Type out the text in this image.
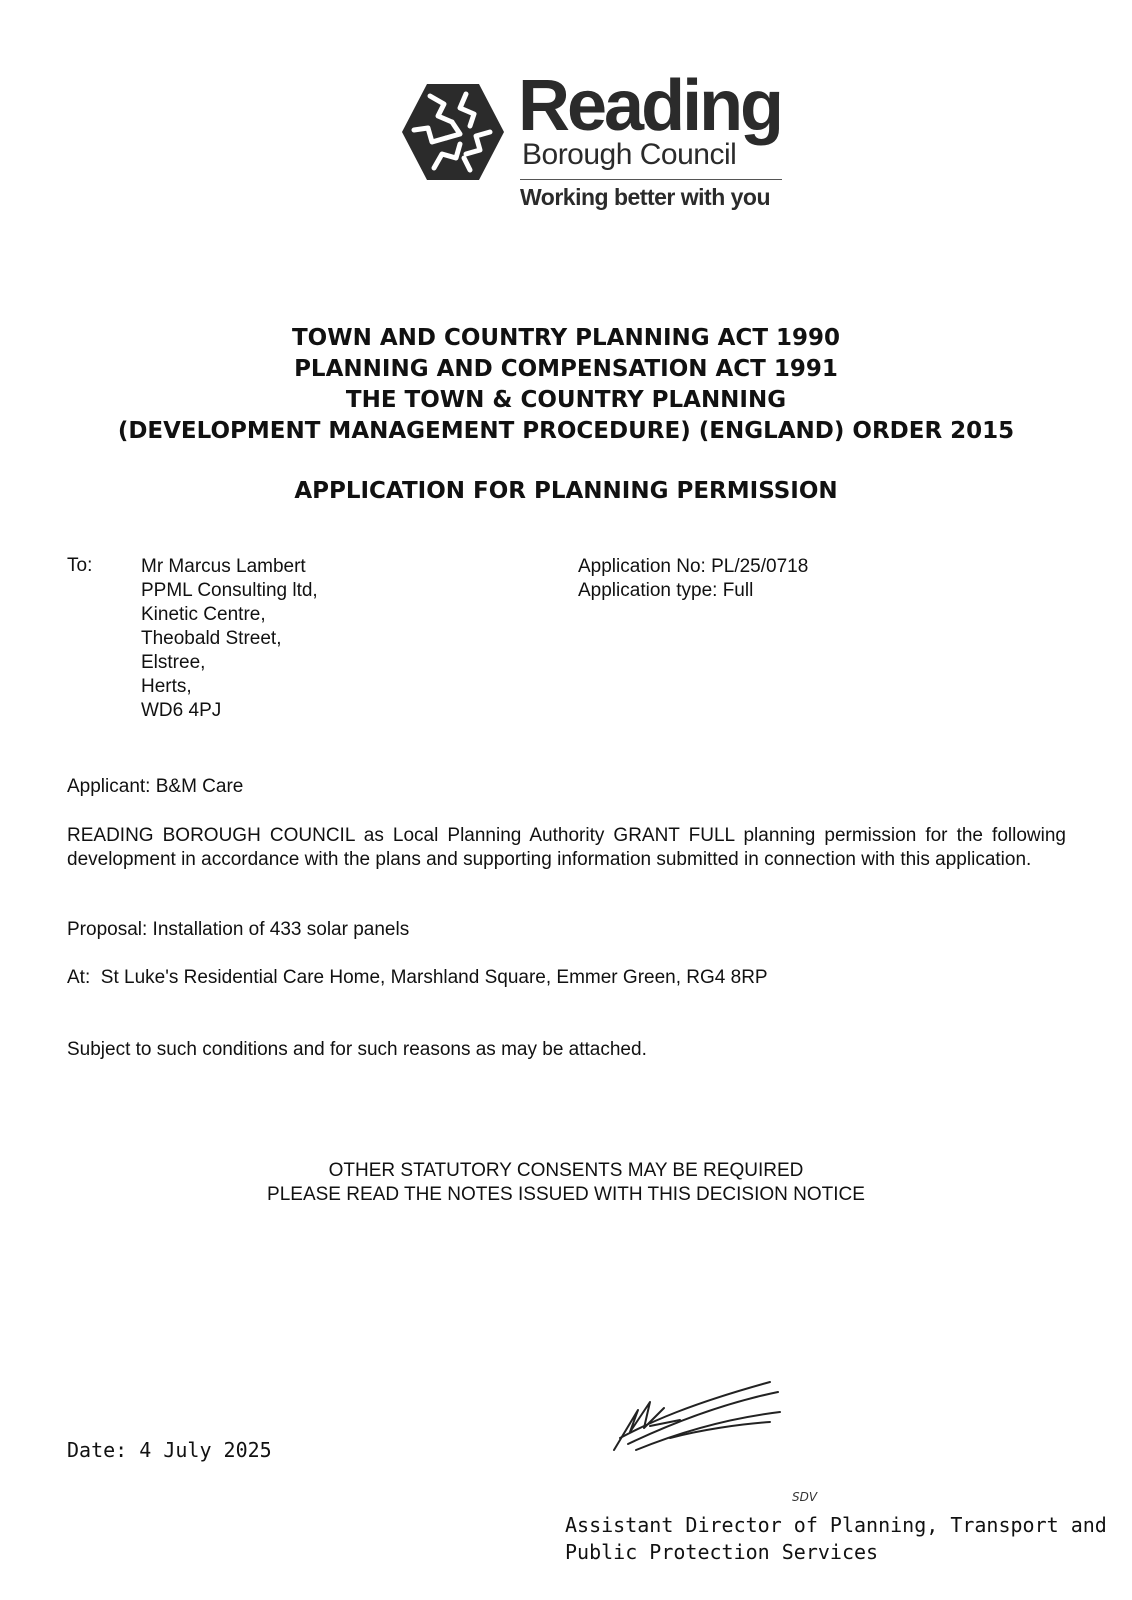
Reading
Borough Council
Working better with you
TOWN AND COUNTRY PLANNING ACT 1990
PLANNING AND COMPENSATION ACT 1991
THE TOWN & COUNTRY PLANNING
(DEVELOPMENT MANAGEMENT PROCEDURE) (ENGLAND) ORDER 2015
APPLICATION FOR PLANNING PERMISSION
To:	Mr Marcus Lambert
PPML Consulting ltd,
Kinetic Centre,
Theobald Street,
Elstree,
Herts,
WD6 4PJ
Application No: PL/25/0718
Application type: Full
Applicant: B&M Care
READING BOROUGH COUNCIL as Local Planning Authority GRANT FULL planning permission for the following development in accordance with the plans and supporting information submitted in connection with this application.
Proposal: Installation of 433 solar panels
At:  St Luke's Residential Care Home, Marshland Square, Emmer Green, RG4 8RP
Subject to such conditions and for such reasons as may be attached.
OTHER STATUTORY CONSENTS MAY BE REQUIRED
PLEASE READ THE NOTES ISSUED WITH THIS DECISION NOTICE
Date: 4 July 2025
SDV
Assistant Director of Planning, Transport and
Public Protection Services
